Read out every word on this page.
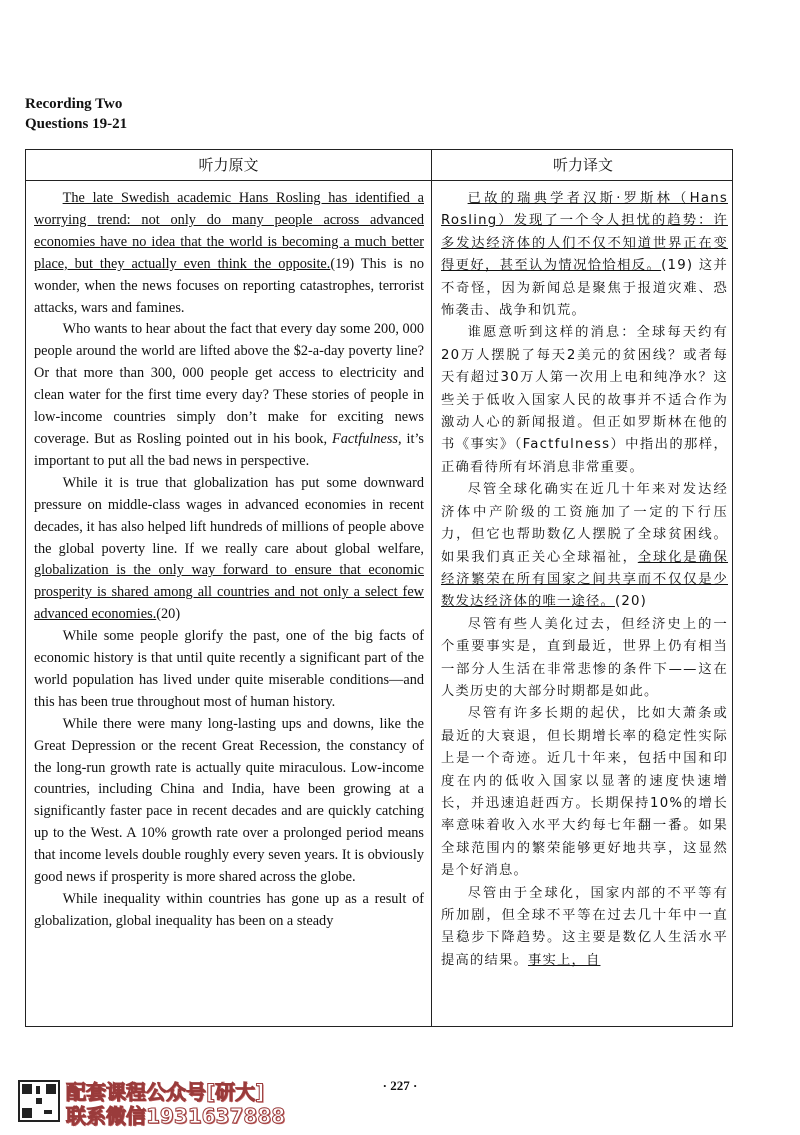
Recording Two
Questions 19-21
听力原文	听力译文

The late Swedish academic Hans Rosling has identified a worrying trend: not only do many people across advanced economies have no idea that the world is becoming a much better place, but they actually even think the opposite.(19) This is no wonder, when the news focuses on reporting catastrophes, terrorist attacks, wars and famines.

Who wants to hear about the fact that every day some 200, 000 people around the world are lifted above the $2-a-day poverty line? Or that more than 300, 000 people get access to electricity and clean water for the first time every day? These stories of people in low-income countries simply don’t make for exciting news coverage. But as Rosling pointed out in his book, Factfulness, it’s important to put all the bad news in perspective.

While it is true that globalization has put some downward pressure on middle-class wages in advanced economies in recent decades, it has also helped lift hundreds of millions of people above the global poverty line. If we really care about global welfare, globalization is the only way forward to ensure that economic prosperity is shared among all countries and not only a select few advanced economies.(20)

While some people glorify the past, one of the big facts of economic history is that until quite recently a significant part of the world population has lived under quite miserable conditions—and this has been true throughout most of human history.

While there were many long-lasting ups and downs, like the Great Depression or the recent Great Recession, the constancy of the long-run growth rate is actually quite miraculous. Low-income countries, including China and India, have been growing at a significantly faster pace in recent decades and are quickly catching up to the West. A 10% growth rate over a prolonged period means that income levels double roughly every seven years. It is obviously good news if prosperity is more shared across the globe.

While inequality within countries has gone up as a result of globalization, global inequality has been on a steady

已故的瑞典学者汉斯·罗斯林（Hans Rosling）发现了一个令人担忧的趋势：许多发达经济体的人们不仅不知道世界正在变得更好，甚至认为情况恰恰相反。(19) 这并不奇怪，因为新闻总是聚焦于报道灾难、恐怖袭击、战争和饥荒。

谁愿意听到这样的消息：全球每天约有20万人摆脱了每天2美元的贫困线？或者每天有超过30万人第一次用上电和纯净水？这些关于低收入国家人民的故事并不适合作为激动人心的新闻报道。但正如罗斯林在他的书《事实》（Factfulness）中指出的那样，正确看待所有坏消息非常重要。

尽管全球化确实在近几十年来对发达经济体中产阶级的工资施加了一定的下行压力，但它也帮助数亿人摆脱了全球贫困线。如果我们真正关心全球福祉，全球化是确保经济繁荣在所有国家之间共享而不仅仅是少数发达经济体的唯一途径。(20)

尽管有些人美化过去，但经济史上的一个重要事实是，直到最近，世界上仍有相当一部分人生活在非常悲惨的条件下——这在人类历史的大部分时期都是如此。

尽管有许多长期的起伏，比如大萧条或最近的大衰退，但长期增长率的稳定性实际上是一个奇迹。近几十年来，包括中国和印度在内的低收入国家以显著的速度快速增长，并迅速追赶西方。长期保持10%的增长率意味着收入水平大约每七年翻一番。如果全球范围内的繁荣能够更好地共享，这显然是个好消息。

尽管由于全球化，国家内部的不平等有所加剧，但全球不平等在过去几十年中一直呈稳步下降趋势。这主要是数亿人生活水平提高的结果。事实上，自

· 227 ·
配套课程公众号[研大]
联系微信1931637888
